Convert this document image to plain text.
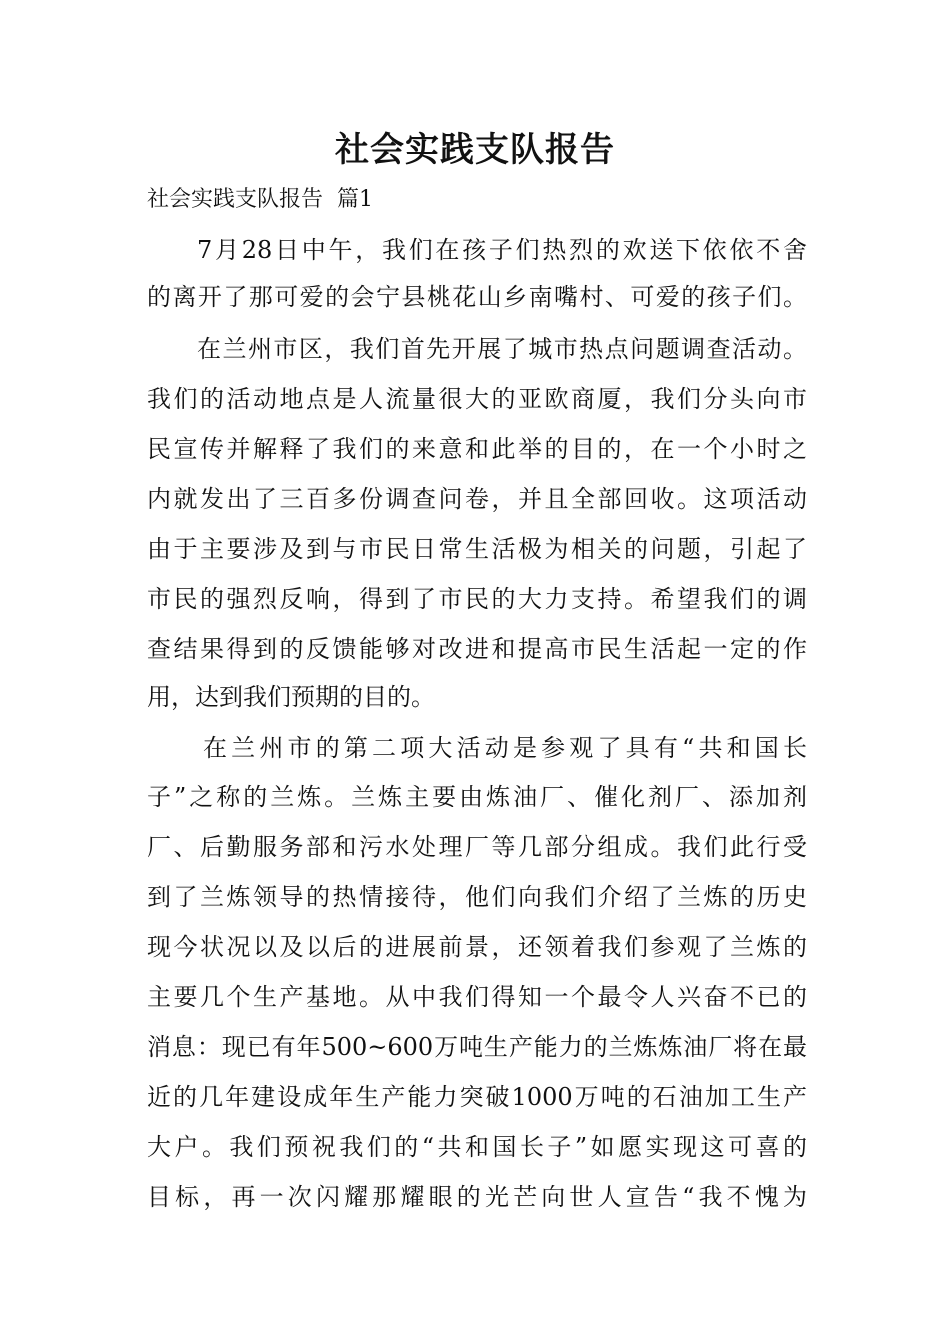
社会实践支队报告

社会实践支队报告  篇1

7月28日中午，我们在孩子们热烈的欢送下依依不舍

的离开了那可爱的会宁县桃花山乡南嘴村、可爱的孩子们。

在兰州市区，我们首先开展了城市热点问题调查活动。

我们的活动地点是人流量很大的亚欧商厦，我们分头向市

民宣传并解释了我们的来意和此举的目的，在一个小时之

内就发出了三百多份调查问卷，并且全部回收。这项活动

由于主要涉及到与市民日常生活极为相关的问题，引起了

市民的强烈反响，得到了市民的大力支持。希望我们的调

查结果得到的反馈能够对改进和提高市民生活起一定的作

用，达到我们预期的目的。

在兰州市的第二项大活动是参观了具有“共和国长

子”之称的兰炼。兰炼主要由炼油厂、催化剂厂、添加剂

厂、后勤服务部和污水处理厂等几部分组成。我们此行受

到了兰炼领导的热情接待，他们向我们介绍了兰炼的历史

现今状况以及以后的进展前景，还领着我们参观了兰炼的

主要几个生产基地。从中我们得知一个最令人兴奋不已的

消息：现已有年500~600万吨生产能力的兰炼炼油厂将在最

近的几年建设成年生产能力突破1000万吨的石油加工生产

大户。我们预祝我们的“共和国长子”如愿实现这可喜的

目标，再一次闪耀那耀眼的光芒向世人宣告“我不愧为
